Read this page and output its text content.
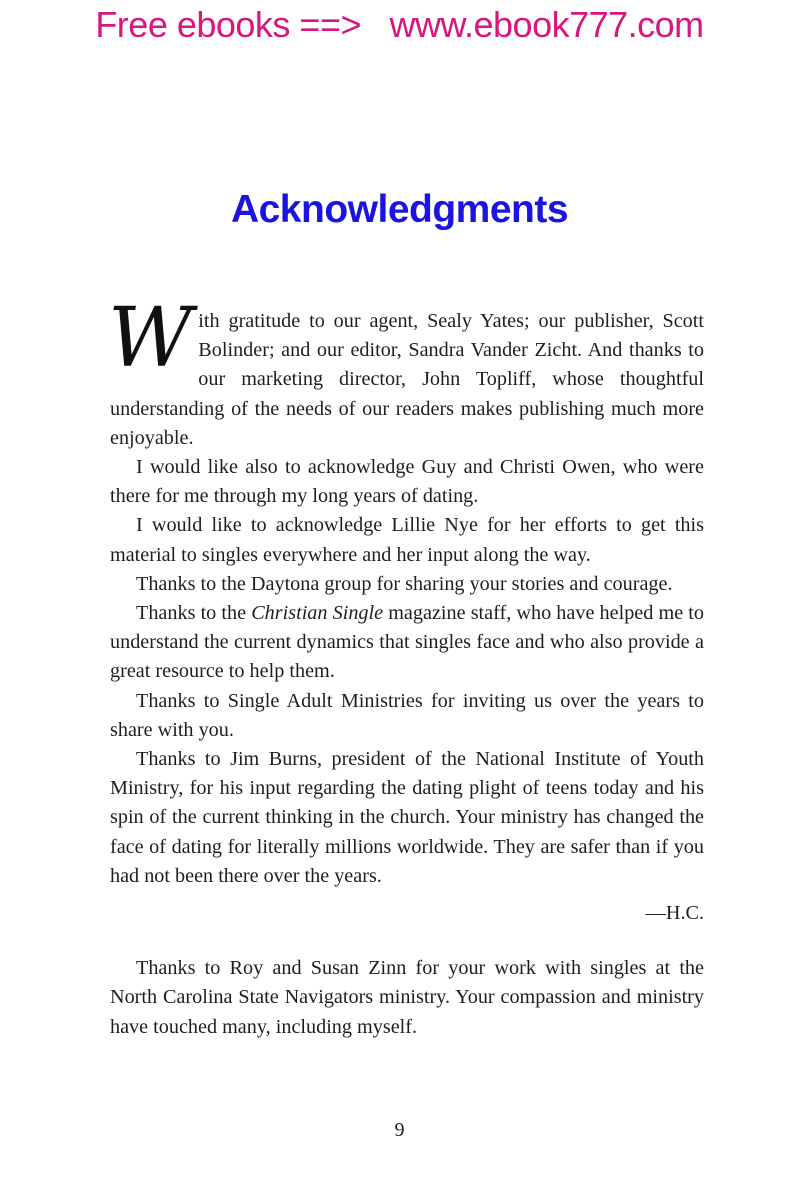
Free ebooks ==>   www.ebook777.com
Acknowledgments

W ith gratitude to our agent, Sealy Yates; our publisher, Scott Bolinder; and our editor, Sandra Vander Zicht. And thanks to our marketing director, John Topliff, whose thoughtful understanding of the needs of our readers makes publishing much more enjoyable.

I would like also to acknowledge Guy and Christi Owen, who were there for me through my long years of dating.

I would like to acknowledge Lillie Nye for her efforts to get this material to singles everywhere and her input along the way.

Thanks to the Daytona group for sharing your stories and courage.

Thanks to the Christian Single magazine staff, who have helped me to understand the current dynamics that singles face and who also provide a great resource to help them.

Thanks to Single Adult Ministries for inviting us over the years to share with you.

Thanks to Jim Burns, president of the National Institute of Youth Ministry, for his input regarding the dating plight of teens today and his spin of the current thinking in the church. Your ministry has changed the face of dating for literally millions worldwide. They are safer than if you had not been there over the years.

—H.C.

Thanks to Roy and Susan Zinn for your work with singles at the North Carolina State Navigators ministry. Your compassion and ministry have touched many, including myself.

9
